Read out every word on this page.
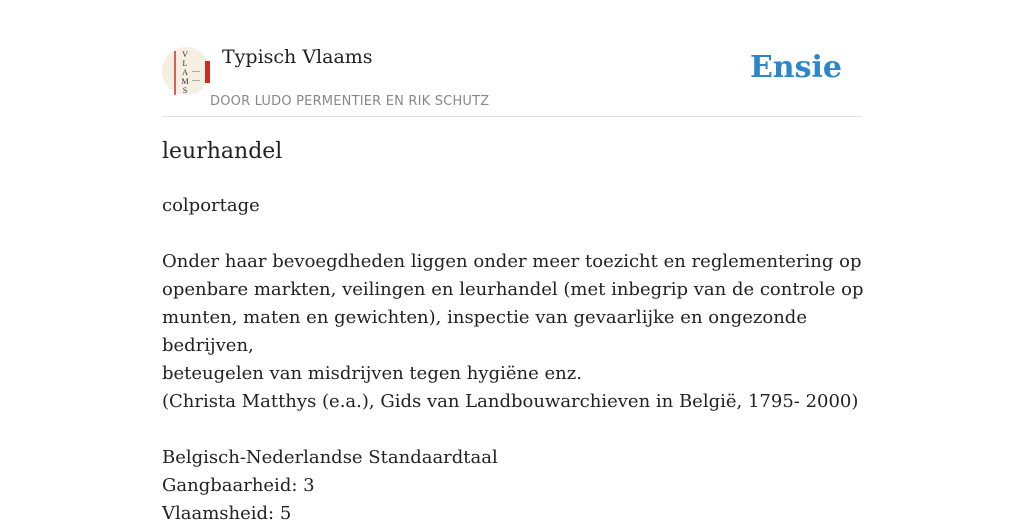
V
L
A
M
S
Typisch Vlaams
DOOR LUDO PERMENTIER EN RIK SCHUTZ
Ensie
leurhandel

colportage

Onder haar bevoegdheden liggen onder meer toezicht en reglementering op

openbare markten, veilingen en leurhandel (met inbegrip van de controle op

munten, maten en gewichten), inspectie van gevaarlijke en ongezonde bedrijven,

beteugelen van misdrijven tegen hygiëne enz.

(Christa Matthys (e.a.), Gids van Landbouwarchieven in België, 1795- 2000)

Belgisch-Nederlandse Standaardtaal

Gangbaarheid: 3

Vlaamsheid: 5
